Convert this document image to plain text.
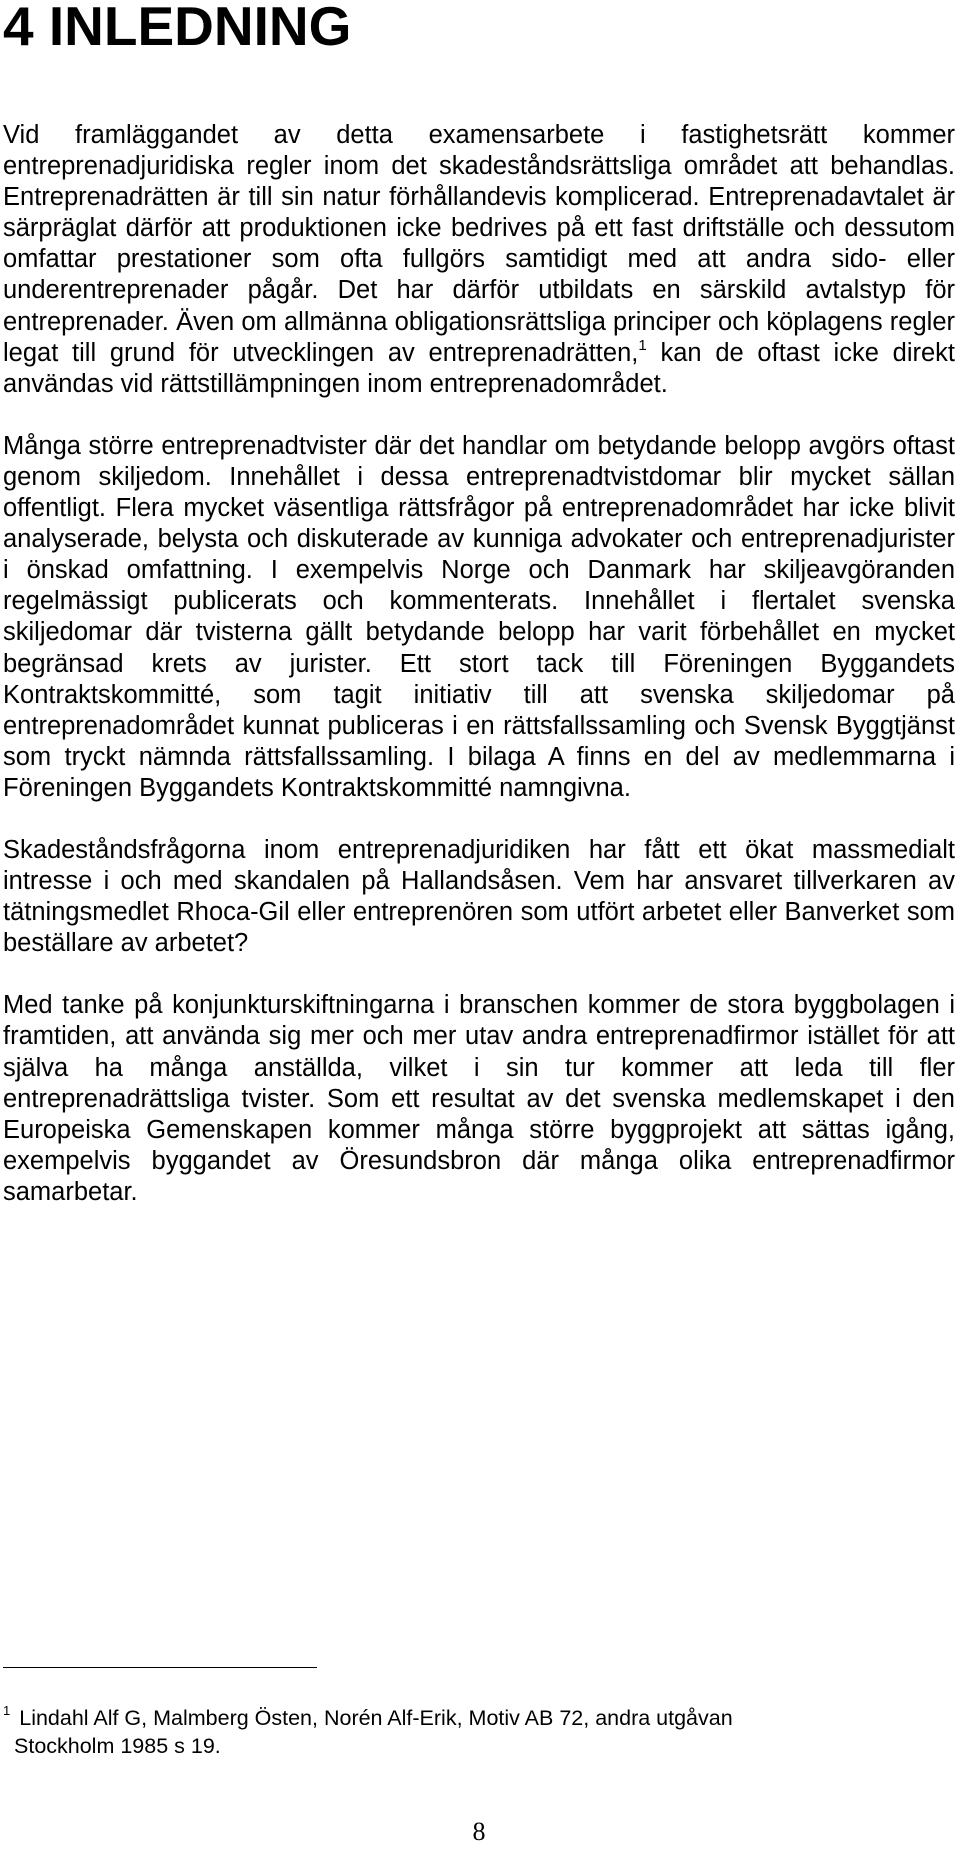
4 INLEDNING

Vid framläggandet av detta examensarbete i fastighetsrätt kommer entreprenadjuridiska regler inom det skadeståndsrättsliga området att behandlas. Entreprenadrätten är till sin natur förhållandevis komplicerad. Entreprenadavtalet är särpräglat därför att produktionen icke bedrives på ett fast driftställe och dessutom omfattar prestationer som ofta fullgörs samtidigt med att andra sido- eller underentreprenader pågår. Det har därför utbildats en särskild avtalstyp för entreprenader. Även om allmänna obligationsrättsliga principer och köplagens regler legat till grund för utvecklingen av entreprenadrätten,$^1$ kan de oftast icke direkt användas vid rättstillämpningen inom entreprenadområdet.

Många större entreprenadtvister där det handlar om betydande belopp avgörs oftast genom skiljedom. Innehållet i dessa entreprenadtvistdomar blir mycket sällan offentligt. Flera mycket väsentliga rättsfrågor på entreprenadområdet har icke blivit analyserade, belysta och diskuterade av kunniga advokater och entreprenadjurister i önskad omfattning. I exempelvis Norge och Danmark har skiljeavgöranden regelmässigt publicerats och kommenterats. Innehållet i flertalet svenska skiljedomar där tvisterna gällt betydande belopp har varit förbehållet en mycket begränsad krets av jurister. Ett stort tack till Föreningen Byggandets Kontraktskommitté, som tagit initiativ till att svenska skiljedomar på entreprenadområdet kunnat publiceras i en rättsfallssamling och Svensk Byggtjänst som tryckt nämnda rättsfallssamling. I bilaga A finns en del av medlemmarna i Föreningen Byggandets Kontraktskommitté namngivna.

Skadeståndsfrågorna inom entreprenadjuridiken har fått ett ökat massmedialt intresse i och med skandalen på Hallandsåsen. Vem har ansvaret tillverkaren av tätningsmedlet Rhoca-Gil eller entreprenören som utfört arbetet eller Banverket som beställare av arbetet?

Med tanke på konjunkturskiftningarna i branschen kommer de stora byggbolagen i framtiden, att använda sig mer och mer utav andra entreprenadfirmor istället för att själva ha många anställda, vilket i sin tur kommer att leda till fler entreprenadrättsliga tvister. Som ett resultat av det svenska medlemskapet i den Europeiska Gemenskapen kommer många större byggprojekt att sättas igång, exempelvis byggandet av Öresundsbron där många olika entreprenadfirmor samarbetar.

$^1$ Lindahl Alf G, Malmberg Östen, Norén Alf-Erik, Motiv AB 72, andra utgåvan
Stockholm 1985 s 19.
8
